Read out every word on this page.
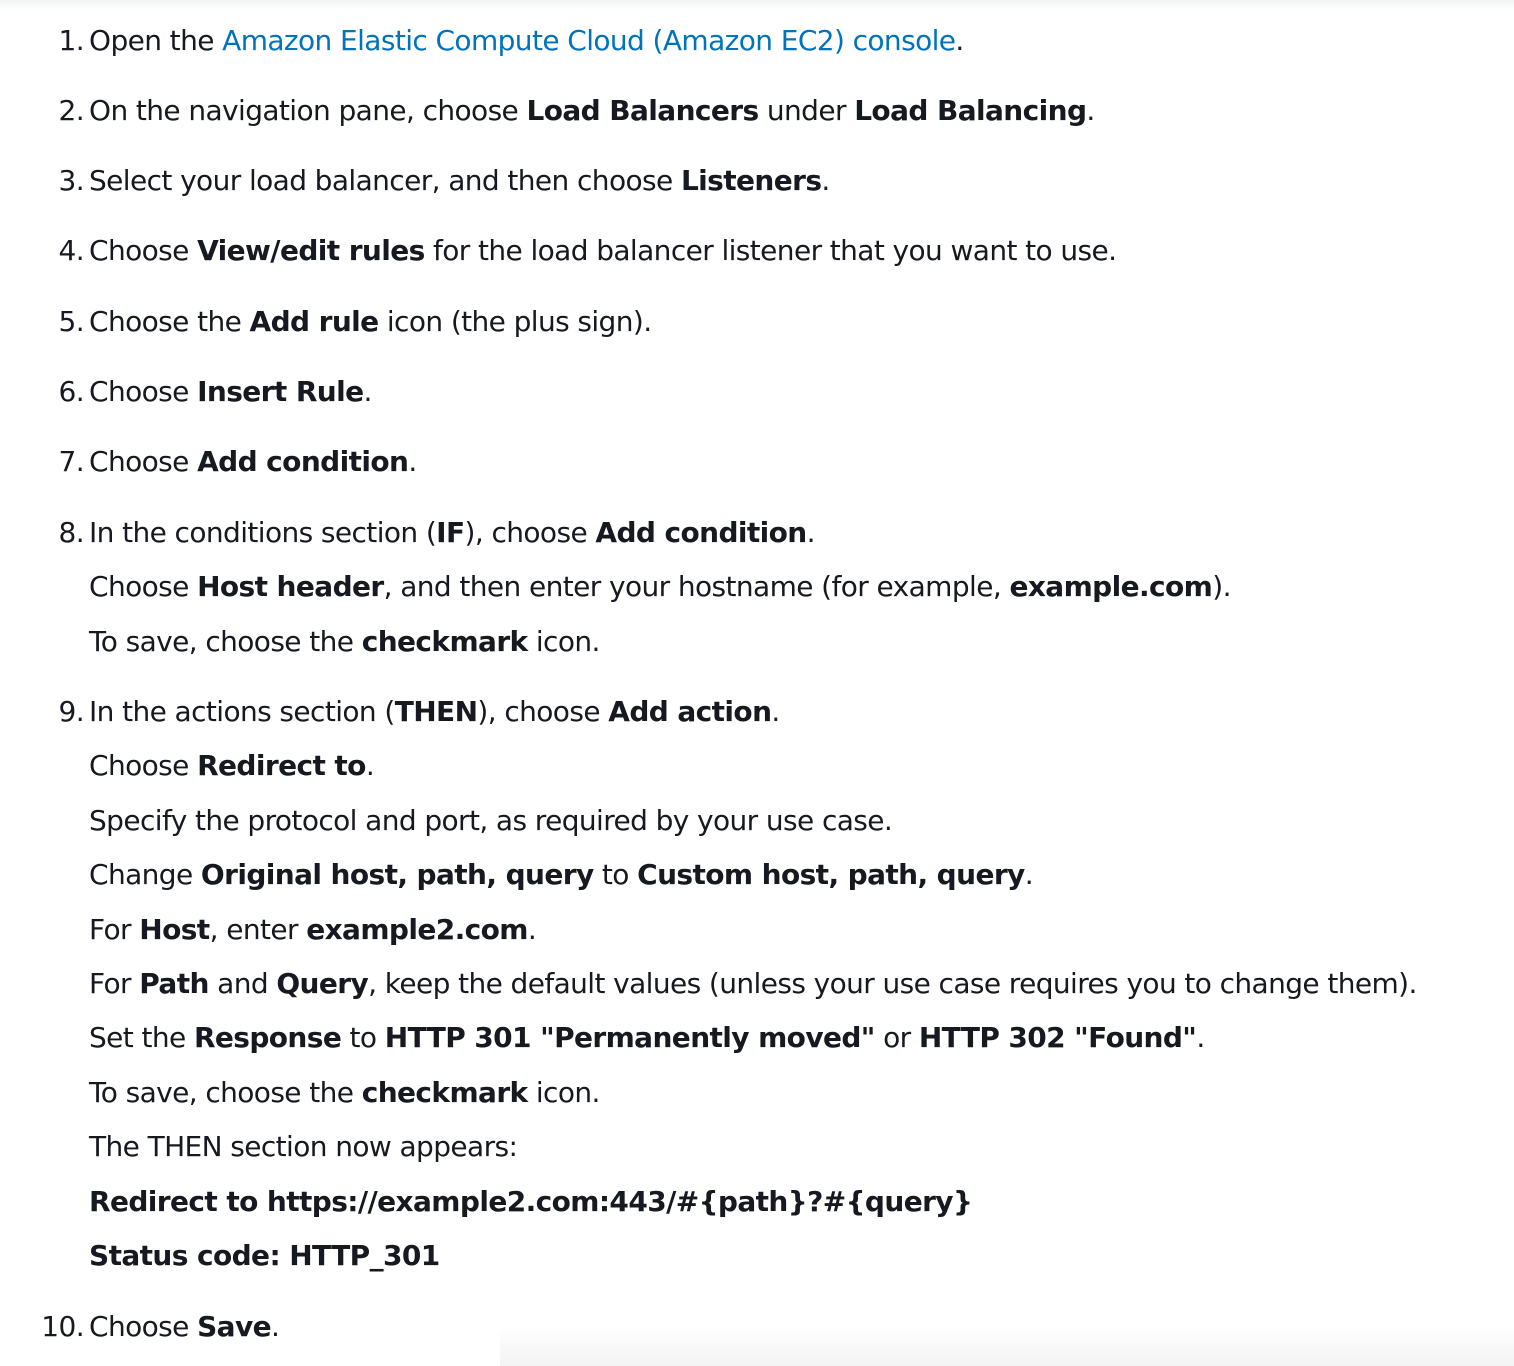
1. Open the Amazon Elastic Compute Cloud (Amazon EC2) console.
2. On the navigation pane, choose Load Balancers under Load Balancing.
3. Select your load balancer, and then choose Listeners.
4. Choose View/edit rules for the load balancer listener that you want to use.
5. Choose the Add rule icon (the plus sign).
6. Choose Insert Rule.
7. Choose Add condition.
8. In the conditions section (IF), choose Add condition.
Choose Host header, and then enter your hostname (for example, example.com).
To save, choose the checkmark icon.
9. In the actions section (THEN), choose Add action.
Choose Redirect to.
Specify the protocol and port, as required by your use case.
Change Original host, path, query to Custom host, path, query.
For Host, enter example2.com.
For Path and Query, keep the default values (unless your use case requires you to change them).
Set the Response to HTTP 301 "Permanently moved" or HTTP 302 "Found".
To save, choose the checkmark icon.
The THEN section now appears:
Redirect to https://example2.com:443/#{path}?#{query}
Status code: HTTP_301
10. Choose Save.
